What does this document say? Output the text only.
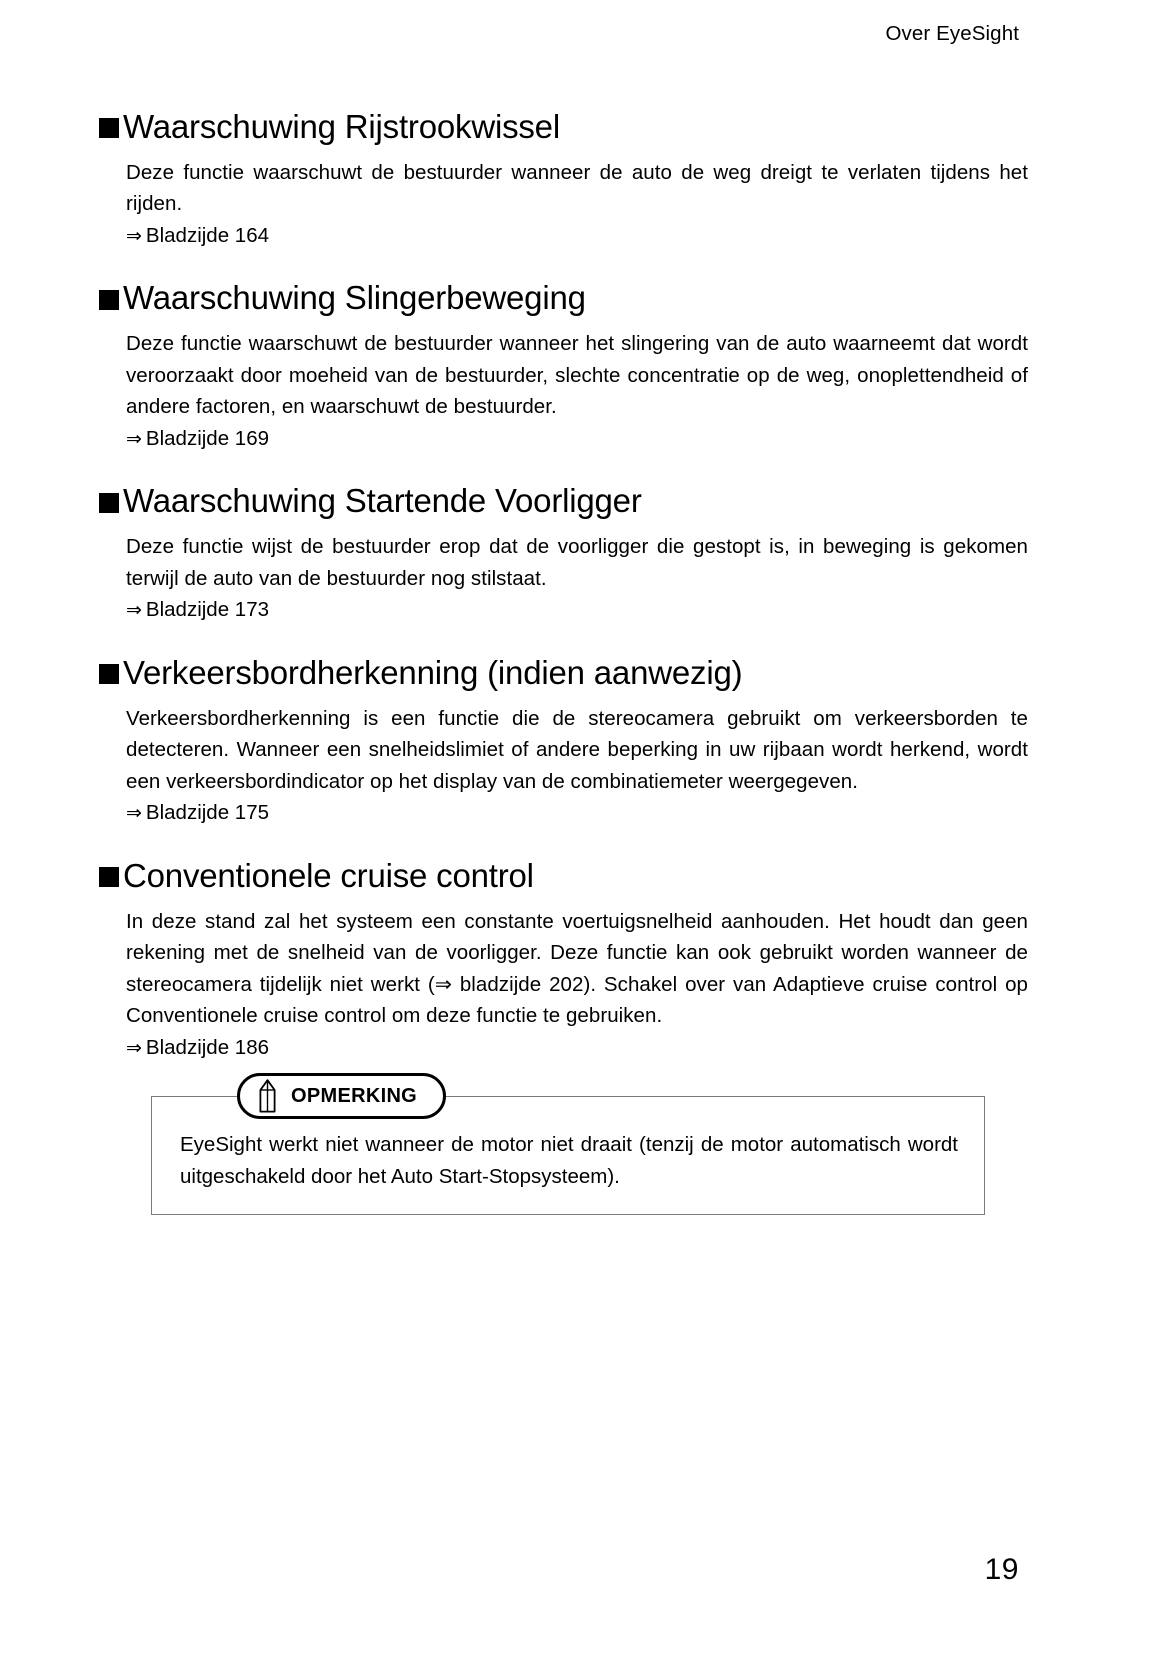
Over EyeSight
Waarschuwing Rijstrookwissel

Deze functie waarschuwt de bestuurder wanneer de auto de weg dreigt te verlaten tijdens het rijden.

⇒ Bladzijde 164

Waarschuwing Slingerbeweging

Deze functie waarschuwt de bestuurder wanneer het slingering van de auto waarneemt dat wordt veroorzaakt door moeheid van de bestuurder, slechte concentratie op de weg, onoplettendheid of andere factoren, en waarschuwt de bestuurder.

⇒ Bladzijde 169

Waarschuwing Startende Voorligger

Deze functie wijst de bestuurder erop dat de voorligger die gestopt is, in beweging is gekomen terwijl de auto van de bestuurder nog stilstaat.

⇒ Bladzijde 173

Verkeersbordherkenning (indien aanwezig)

Verkeersbordherkenning is een functie die de stereocamera gebruikt om verkeersborden te detecteren. Wanneer een snelheidslimiet of andere beperking in uw rijbaan wordt herkend, wordt een verkeersbordindicator op het display van de combinatiemeter weergegeven.

⇒ Bladzijde 175

Conventionele cruise control

In deze stand zal het systeem een constante voertuigsnelheid aanhouden. Het houdt dan geen rekening met de snelheid van de voorligger. Deze functie kan ook gebruikt worden wanneer de stereocamera tijdelijk niet werkt (⇒ bladzijde 202). Schakel over van Adaptieve cruise control op Conventionele cruise control om deze functie te gebruiken.

⇒ Bladzijde 186

EyeSight werkt niet wanneer de motor niet draait (tenzij de motor automatisch wordt uitgeschakeld door het Auto Start-Stopsysteem).

OPMERKING
19
